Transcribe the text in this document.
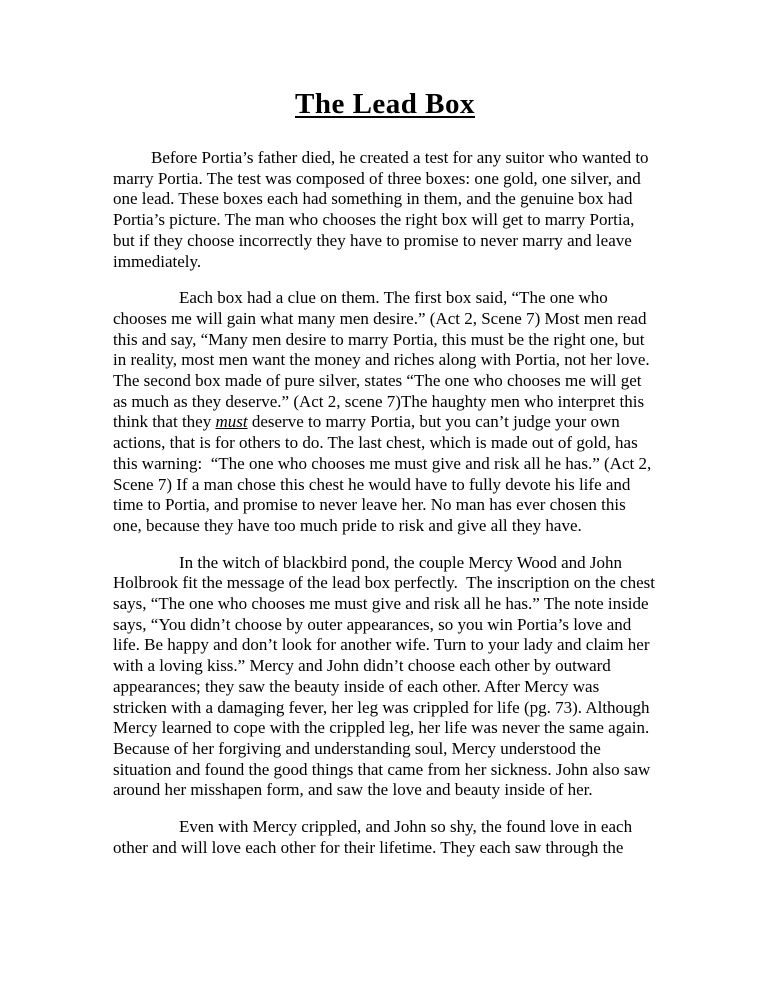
The Lead Box

Before Portia’s father died, he created a test for any suitor who wanted to marry Portia. The test was composed of three boxes: one gold, one silver, and one lead. These boxes each had something in them, and the genuine box had Portia’s picture. The man who chooses the right box will get to marry Portia, but if they choose incorrectly they have to promise to never marry and leave immediately.

Each box had a clue on them. The first box said, “The one who chooses me will gain what many men desire.” (Act 2, Scene 7) Most men read this and say, “Many men desire to marry Portia, this must be the right one, but in reality, most men want the money and riches along with Portia, not her love. The second box made of pure silver, states “The one who chooses me will get as much as they deserve.” (Act 2, scene 7)The haughty men who interpret this think that they must deserve to marry Portia, but you can’t judge your own actions, that is for others to do. The last chest, which is made out of gold, has this warning:  “The one who chooses me must give and risk all he has.” (Act 2, Scene 7) If a man chose this chest he would have to fully devote his life and time to Portia, and promise to never leave her. No man has ever chosen this one, because they have too much pride to risk and give all they have.

In the witch of blackbird pond, the couple Mercy Wood and John Holbrook fit the message of the lead box perfectly.  The inscription on the chest says, “The one who chooses me must give and risk all he has.” The note inside says, “You didn’t choose by outer appearances, so you win Portia’s love and life. Be happy and don’t look for another wife. Turn to your lady and claim her with a loving kiss.” Mercy and John didn’t choose each other by outward appearances; they saw the beauty inside of each other. After Mercy was stricken with a damaging fever, her leg was crippled for life (pg. 73). Although Mercy learned to cope with the crippled leg, her life was never the same again. Because of her forgiving and understanding soul, Mercy understood the situation and found the good things that came from her sickness. John also saw around her misshapen form, and saw the love and beauty inside of her.

Even with Mercy crippled, and John so shy, the found love in each other and will love each other for their lifetime. They each saw through the
